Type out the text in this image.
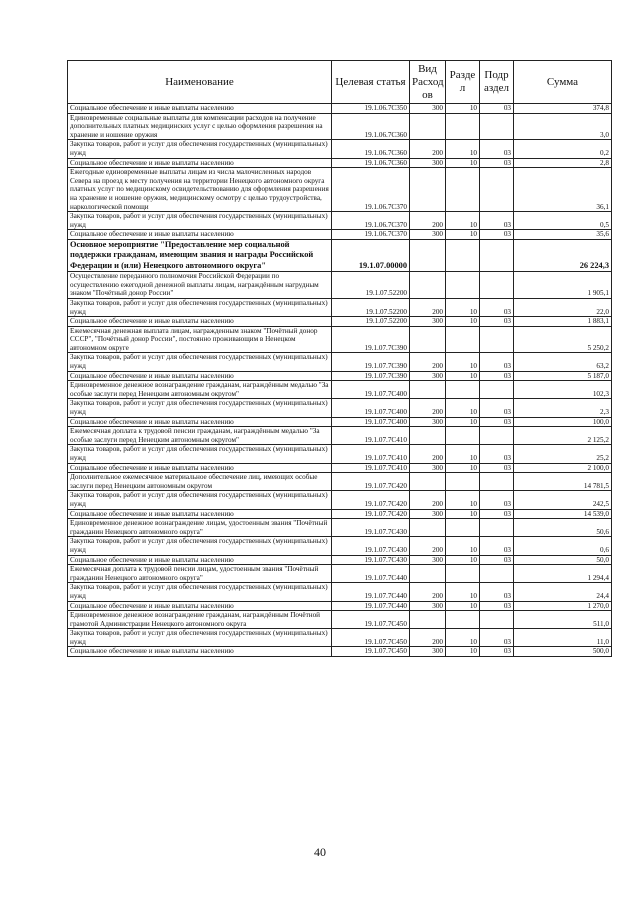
Наименование	Целевая статья	Вид Расход ов	Разде л	Подр аздел	Сумма
Социальное обеспечение и иные выплаты населению	19.1.06.7С350	300	10	03	374,8
Единовременные социальные выплаты для компенсации расходов на получение дополнительных платных медицинских услуг с целью оформления разрешения на хранение и ношение оружия	19.1.06.7С360				3,0
Закупка товаров, работ и услуг для обеспечения государственных (муниципальных) нужд	19.1.06.7С360	200	10	03	0,2
Социальное обеспечение и иные выплаты населению	19.1.06.7С360	300	10	03	2,8
Ежегодные единовременные выплаты лицам из числа малочисленных народов Севера на проезд к месту получения на территории Ненецкого автономного округа платных услуг по медицинскому освидетельствованию для оформления разрешения на хранение и ношение оружия, медицинскому осмотру с целью трудоустройства, наркологической помощи	19.1.06.7С370				36,1
Закупка товаров, работ и услуг для обеспечения государственных (муниципальных) нужд	19.1.06.7С370	200	10	03	0,5
Социальное обеспечение и иные выплаты населению	19.1.06.7С370	300	10	03	35,6
Основное мероприятие "Предоставление мер социальной поддержки гражданам, имеющим звания и награды Российской Федерации и (или) Ненецкого автономного округа"	19.1.07.00000				26 224,3
Осуществление переданного полномочия Российской Федерации по осуществлению ежегодной денежной выплаты лицам, награждённым нагрудным знаком "Почётный донор России"	19.1.07.52200				1 905,1
Закупка товаров, работ и услуг для обеспечения государственных (муниципальных) нужд	19.1.07.52200	200	10	03	22,0
Социальное обеспечение и иные выплаты населению	19.1.07.52200	300	10	03	1 883,1
Ежемесячная денежная выплата лицам, награжденным знаком "Почётный донор СССР", "Почётный донор России", постоянно проживающим в Ненецком автономном округе	19.1.07.7С390				5 250,2
Закупка товаров, работ и услуг для обеспечения государственных (муниципальных) нужд	19.1.07.7С390	200	10	03	63,2
Социальное обеспечение и иные выплаты населению	19.1.07.7С390	300	10	03	5 187,0
Единовременное денежное вознаграждение гражданам, награждённым медалью "За особые заслуги перед Ненецким автономным округом"	19.1.07.7С400				102,3
Закупка товаров, работ и услуг для обеспечения государственных (муниципальных) нужд	19.1.07.7С400	200	10	03	2,3
Социальное обеспечение и иные выплаты населению	19.1.07.7С400	300	10	03	100,0
Ежемесячная доплата к трудовой пенсии гражданам, награждённым медалью "За особые заслуги перед Ненецким автономным округом"	19.1.07.7С410				2 125,2
Закупка товаров, работ и услуг для обеспечения государственных (муниципальных) нужд	19.1.07.7С410	200	10	03	25,2
Социальное обеспечение и иные выплаты населению	19.1.07.7С410	300	10	03	2 100,0
Дополнительное ежемесячное материальное обеспечение лиц, имеющих особые заслуги перед Ненецким автономным округом	19.1.07.7С420				14 781,5
Закупка товаров, работ и услуг для обеспечения государственных (муниципальных) нужд	19.1.07.7С420	200	10	03	242,5
Социальное обеспечение и иные выплаты населению	19.1.07.7С420	300	10	03	14 539,0
Единовременное денежное вознаграждение лицам, удостоенным звания "Почётный гражданин Ненецкого автономного округа"	19.1.07.7С430				50,6
Закупка товаров, работ и услуг для обеспечения государственных (муниципальных) нужд	19.1.07.7С430	200	10	03	0,6
Социальное обеспечение и иные выплаты населению	19.1.07.7С430	300	10	03	50,0
Ежемесячная доплата к трудовой пенсии лицам, удостоенным звания "Почётный гражданин Ненецкого автономного округа"	19.1.07.7С440				1 294,4
Закупка товаров, работ и услуг для обеспечения государственных (муниципальных) нужд	19.1.07.7С440	200	10	03	24,4
Социальное обеспечение и иные выплаты населению	19.1.07.7С440	300	10	03	1 270,0
Единовременное денежное вознаграждение гражданам, награждённым Почётной грамотой Администрации Ненецкого автономного округа	19.1.07.7С450				511,0
Закупка товаров, работ и услуг для обеспечения государственных (муниципальных) нужд	19.1.07.7С450	200	10	03	11,0
Социальное обеспечение и иные выплаты населению	19.1.07.7С450	300	10	03	500,0
40
